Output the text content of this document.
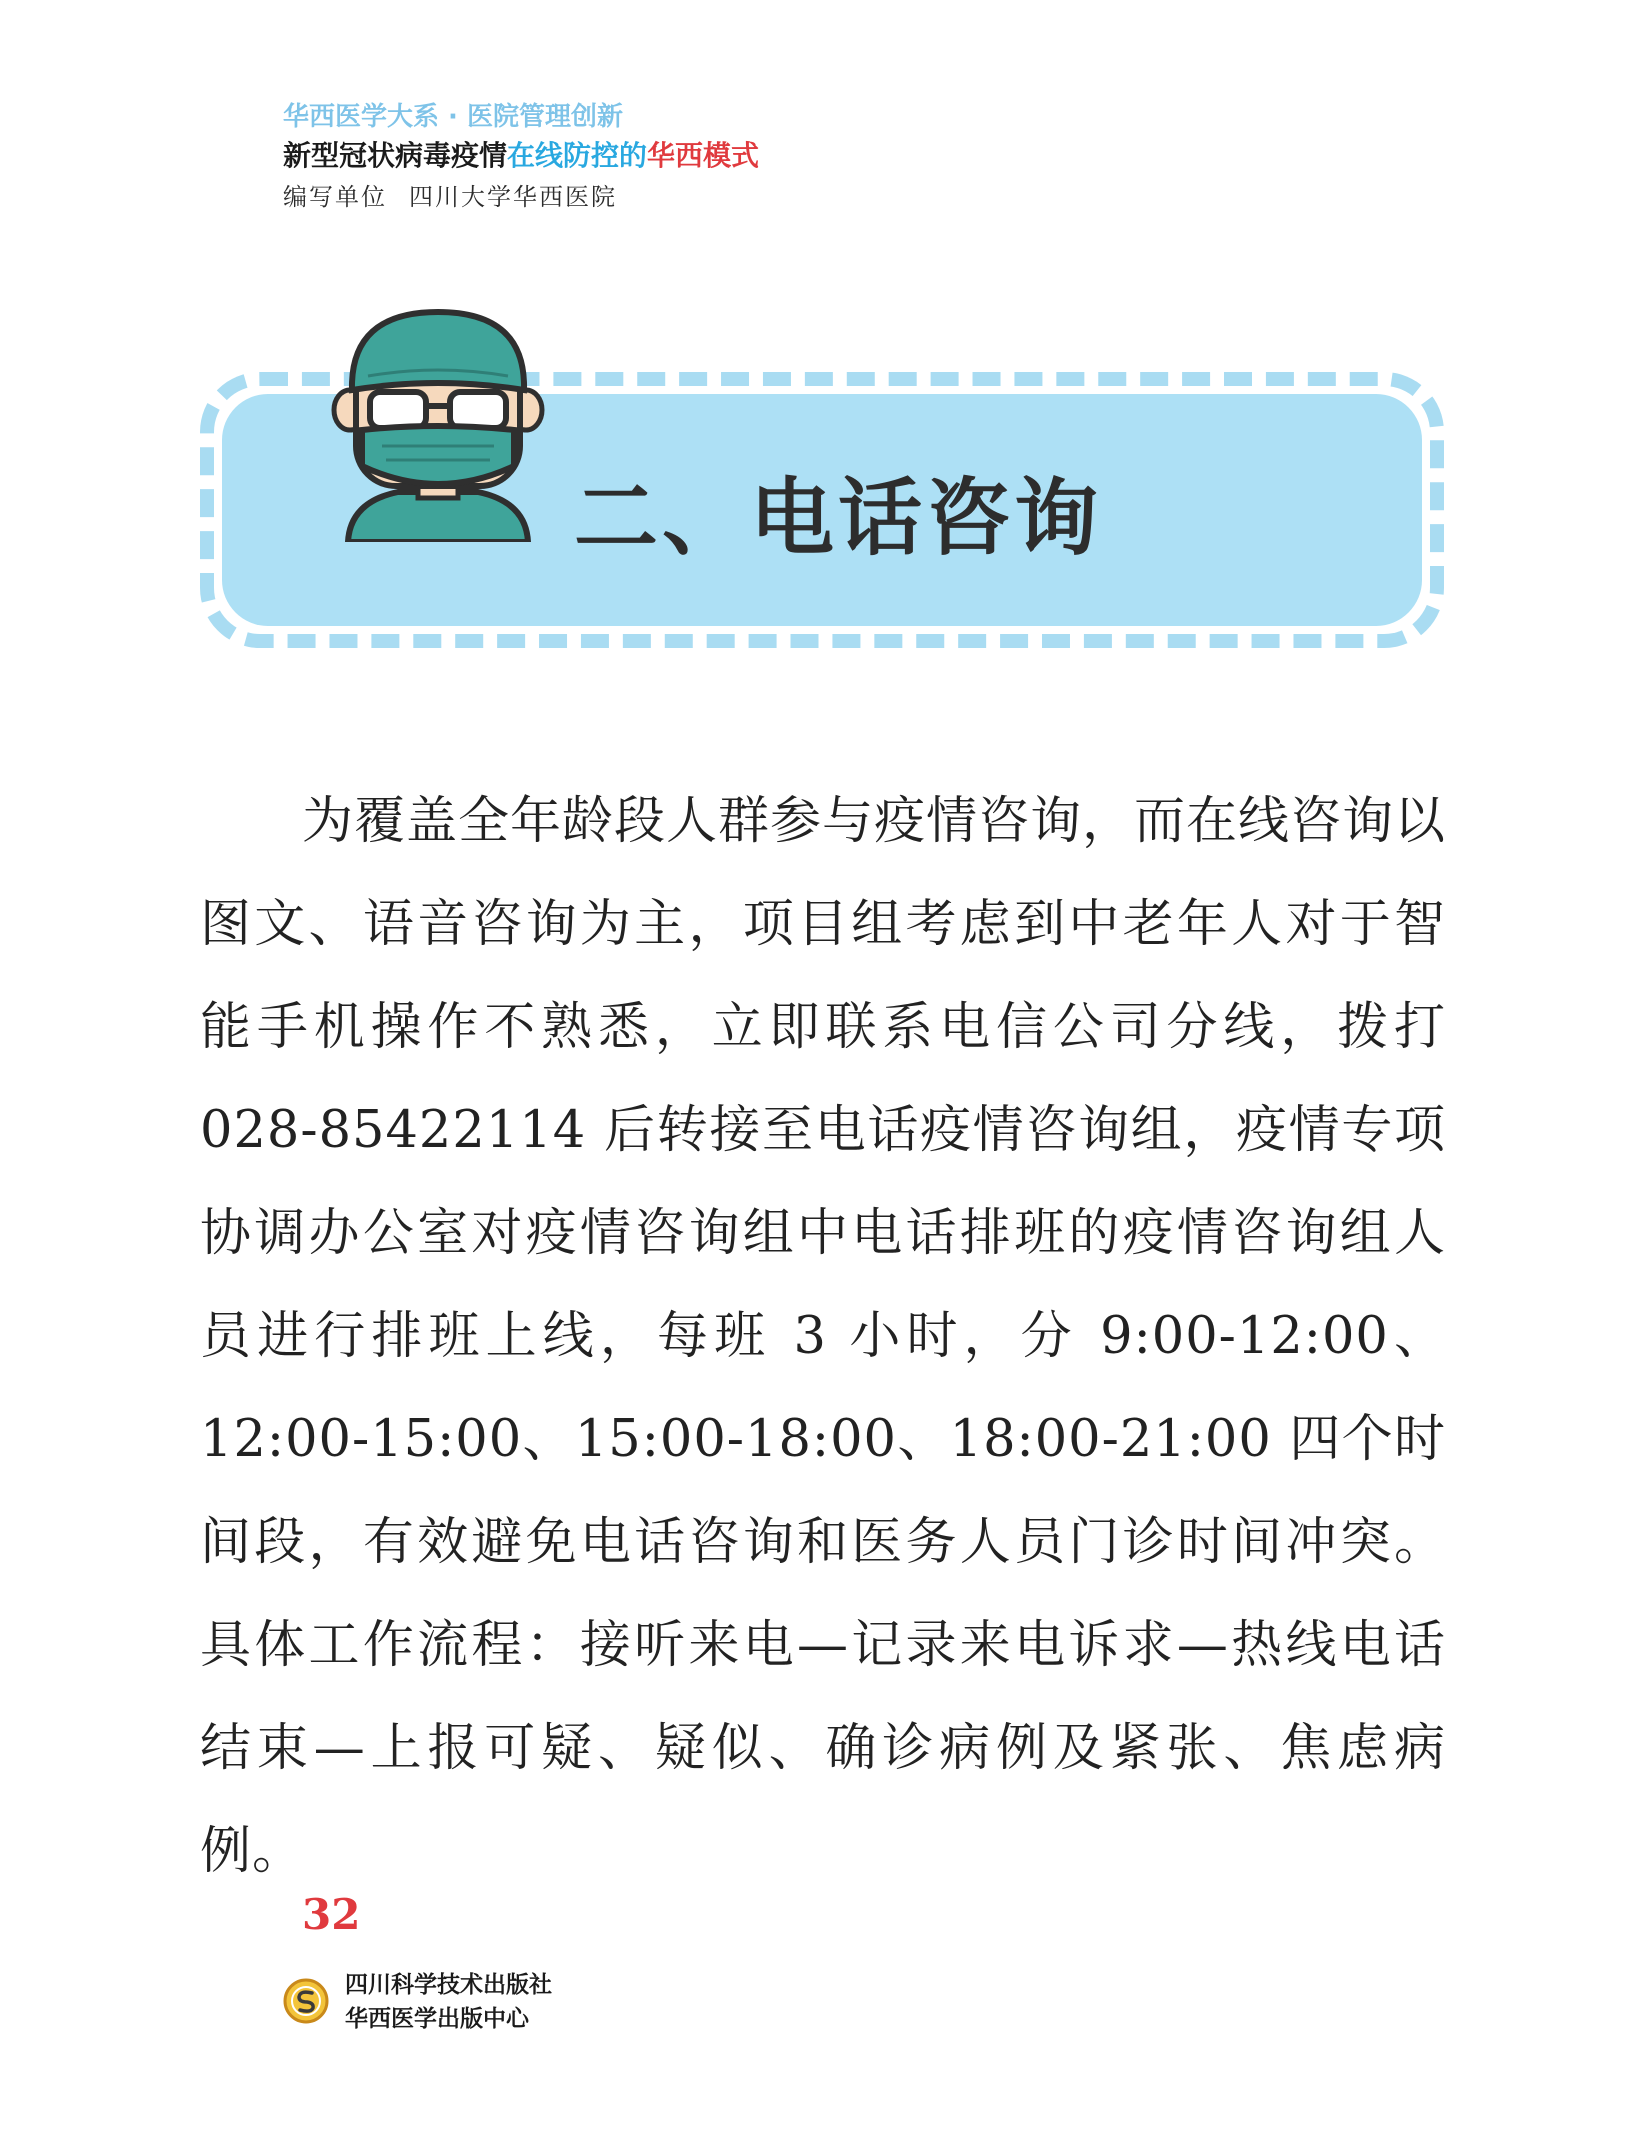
华西医学大系 · 医院管理创新
新型冠状病毒疫情在线防控的华西模式
编写单位 四川大学华西医院
二、电话咨询
为覆盖全年龄段人群参与疫情咨询，而在线咨询以图文、语音咨询为主，项目组考虑到中老年人对于智能手机操作不熟悉，立即联系电信公司分线，拨打 028-85422114 后转接至电话疫情咨询组，疫情专项协调办公室对疫情咨询组中电话排班的疫情咨询组人员进行排班上线，每班 3 小时，分 9:00-12:00、12:00-15:00、15:00-18:00、18:00-21:00 四个时间段，有效避免电话咨询和医务人员门诊时间冲突。具体工作流程：接听来电—记录来电诉求—热线电话结束—上报可疑、疑似、确诊病例及紧张、焦虑病例。
32
四川科学技术出版社
华西医学出版中心
